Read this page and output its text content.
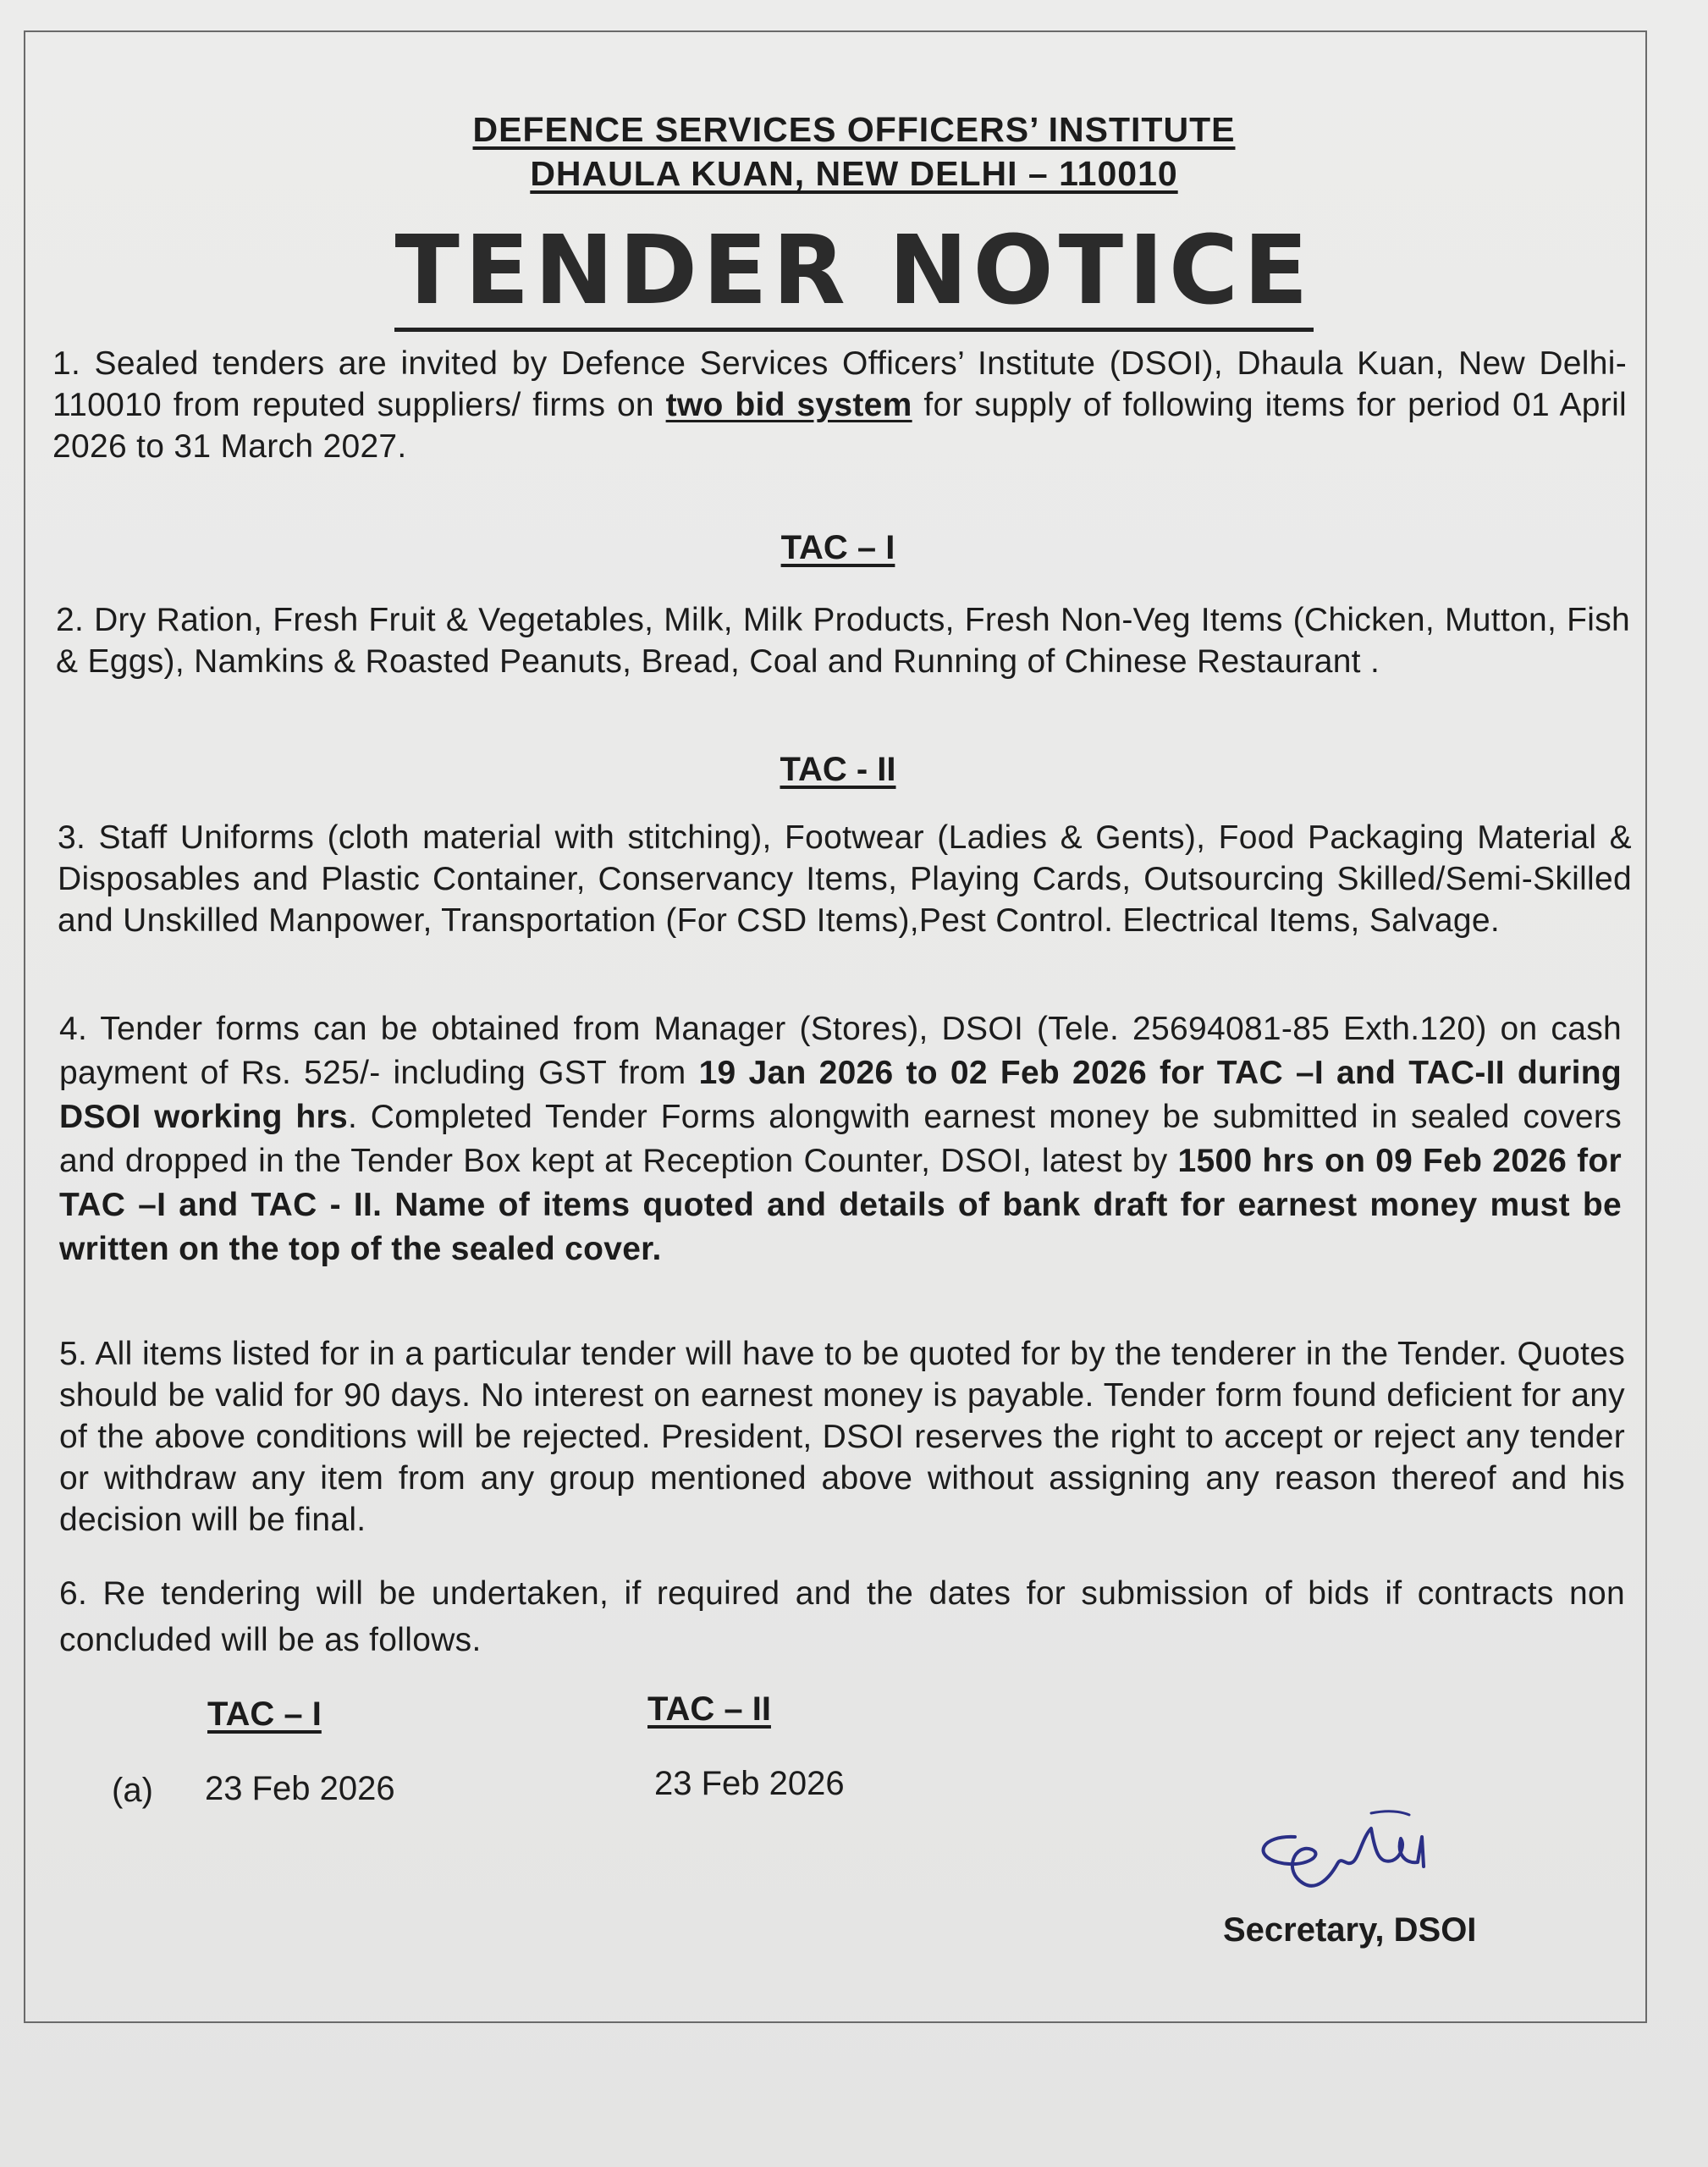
DEFENCE SERVICES OFFICERS’ INSTITUTE
DHAULA KUAN, NEW DELHI – 110010
TENDER NOTICE
1. Sealed tenders are invited by Defence Services Officers’ Institute (DSOI), Dhaula Kuan, New Delhi- 110010 from reputed suppliers/ firms on two bid system for supply of following items for period 01 April 2026 to 31 March 2027.
TAC – I
2. Dry Ration, Fresh Fruit & Vegetables, Milk, Milk Products, Fresh Non-Veg Items (Chicken, Mutton, Fish & Eggs), Namkins & Roasted Peanuts, Bread, Coal and Running of Chinese Restaurant .
TAC - II
3. Staff Uniforms (cloth material with stitching), Footwear (Ladies & Gents), Food Packaging Material & Disposables and Plastic Container, Conservancy Items, Playing Cards, Outsourcing Skilled/Semi-Skilled and Unskilled Manpower, Transportation (For CSD Items),Pest Control. Electrical Items, Salvage.
4. Tender forms can be obtained from Manager (Stores), DSOI (Tele. 25694081-85 Exth.120) on cash payment of Rs. 525/- including GST from 19 Jan 2026 to 02 Feb 2026 for TAC –I and TAC-II during DSOI working hrs. Completed Tender Forms alongwith earnest money be submitted in sealed covers and dropped in the Tender Box kept at Reception Counter, DSOI, latest by 1500 hrs on 09 Feb 2026 for TAC –I and TAC - II. Name of items quoted and details of bank draft for earnest money must be written on the top of the sealed cover.
5. All items listed for in a particular tender will have to be quoted for by the tenderer in the Tender. Quotes should be valid for 90 days. No interest on earnest money is payable. Tender form found deficient for any of the above conditions will be rejected. President, DSOI reserves the right to accept or reject any tender or withdraw any item from any group mentioned above without assigning any reason thereof and his decision will be final.
6. Re tendering will be undertaken, if required and the dates for submission of bids if contracts non concluded will be as follows.
TAC – I	TAC – II
(a) 23 Feb 2026	23 Feb 2026
Secretary, DSOI
